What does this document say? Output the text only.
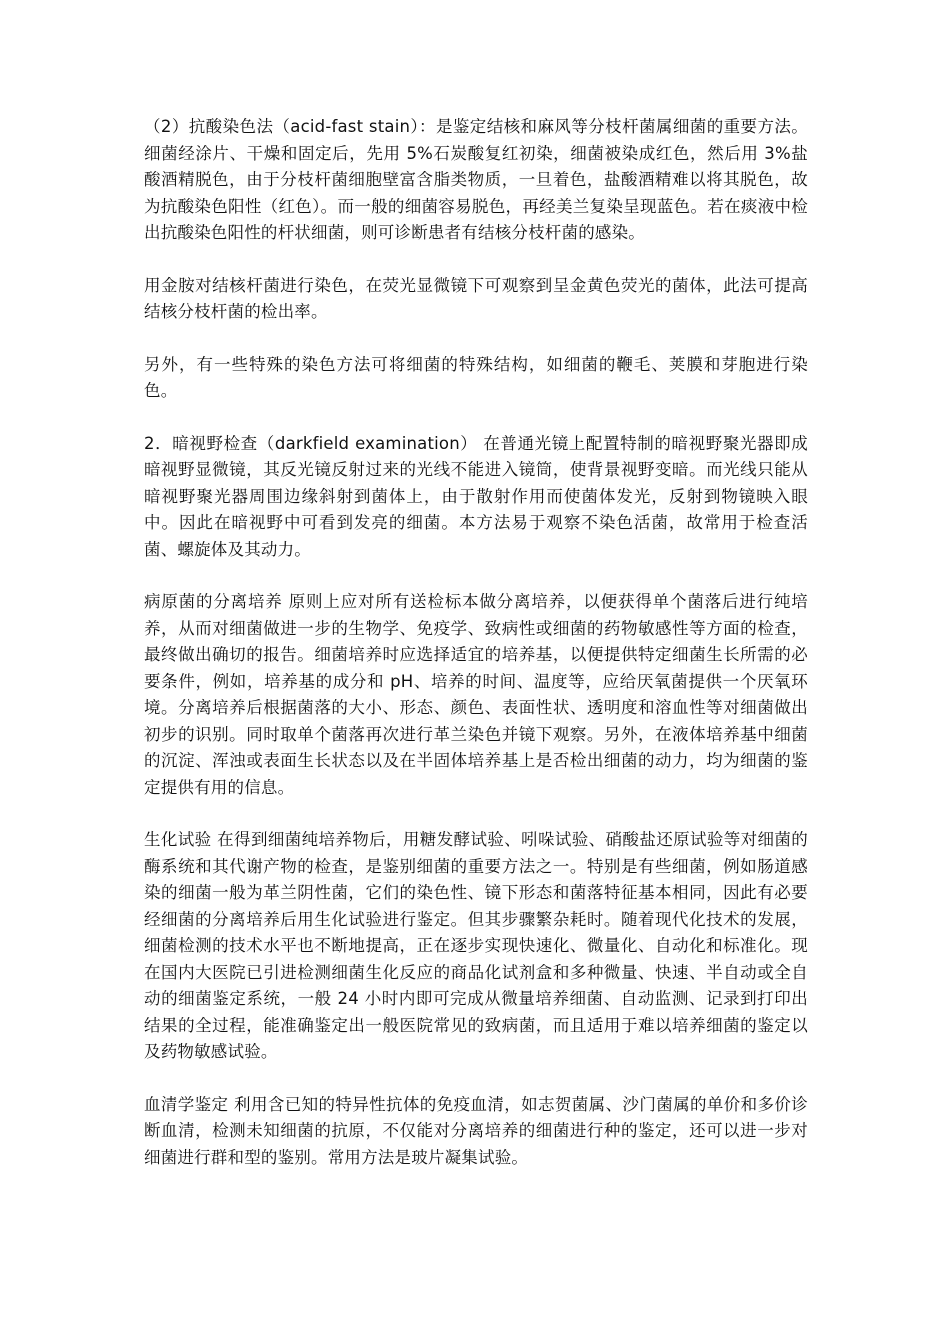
（2）抗酸染色法（acid-fast stain）：是鉴定结核和麻风等分枝杆菌属细菌的重要方法。细菌经涂片、干燥和固定后，先用 5%石炭酸复红初染，细菌被染成红色，然后用 3%盐酸酒精脱色，由于分枝杆菌细胞壁富含脂类物质，一旦着色，盐酸酒精难以将其脱色，故为抗酸染色阳性（红色）。而一般的细菌容易脱色，再经美兰复染呈现蓝色。若在痰液中检出抗酸染色阳性的杆状细菌，则可诊断患者有结核分枝杆菌的感染。

用金胺对结核杆菌进行染色，在荧光显微镜下可观察到呈金黄色荧光的菌体，此法可提高结核分枝杆菌的检出率。

另外，有一些特殊的染色方法可将细菌的特殊结构，如细菌的鞭毛、荚膜和芽胞进行染色。

2．暗视野检查（darkfield examination） 在普通光镜上配置特制的暗视野聚光器即成暗视野显微镜，其反光镜反射过来的光线不能进入镜筒，使背景视野变暗。而光线只能从暗视野聚光器周围边缘斜射到菌体上，由于散射作用而使菌体发光，反射到物镜映入眼中。因此在暗视野中可看到发亮的细菌。本方法易于观察不染色活菌，故常用于检查活菌、螺旋体及其动力。

病原菌的分离培养 原则上应对所有送检标本做分离培养，以便获得单个菌落后进行纯培养，从而对细菌做进一步的生物学、免疫学、致病性或细菌的药物敏感性等方面的检查，最终做出确切的报告。细菌培养时应选择适宜的培养基，以便提供特定细菌生长所需的必要条件，例如，培养基的成分和 pH、培养的时间、温度等，应给厌氧菌提供一个厌氧环境。分离培养后根据菌落的大小、形态、颜色、表面性状、透明度和溶血性等对细菌做出初步的识别。同时取单个菌落再次进行革兰染色并镜下观察。另外，在液体培养基中细菌的沉淀、浑浊或表面生长状态以及在半固体培养基上是否检出细菌的动力，均为细菌的鉴定提供有用的信息。

生化试验 在得到细菌纯培养物后，用糖发酵试验、吲哚试验、硝酸盐还原试验等对细菌的酶系统和其代谢产物的检查，是鉴别细菌的重要方法之一。特别是有些细菌，例如肠道感染的细菌一般为革兰阴性菌，它们的染色性、镜下形态和菌落特征基本相同，因此有必要经细菌的分离培养后用生化试验进行鉴定。但其步骤繁杂耗时。随着现代化技术的发展，细菌检测的技术水平也不断地提高，正在逐步实现快速化、微量化、自动化和标准化。现在国内大医院已引进检测细菌生化反应的商品化试剂盒和多种微量、快速、半自动或全自动的细菌鉴定系统，一般 24 小时内即可完成从微量培养细菌、自动监测、记录到打印出结果的全过程，能准确鉴定出一般医院常见的致病菌，而且适用于难以培养细菌的鉴定以及药物敏感试验。

血清学鉴定 利用含已知的特异性抗体的免疫血清，如志贺菌属、沙门菌属的单价和多价诊断血清，检测未知细菌的抗原，不仅能对分离培养的细菌进行种的鉴定，还可以进一步对细菌进行群和型的鉴别。常用方法是玻片凝集试验。
